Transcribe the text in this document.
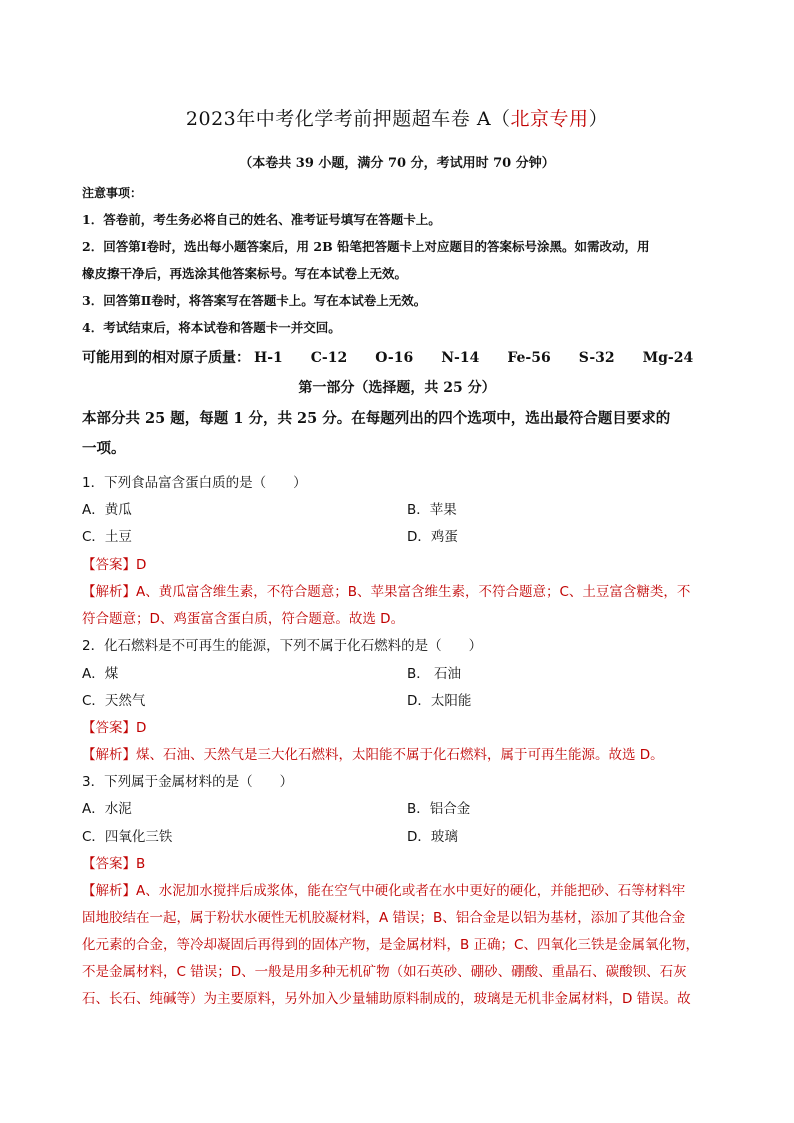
2023年中考化学考前押题超车卷 A（北京专用）
（本卷共 39 小题，满分 70 分，考试用时 70 分钟）
注意事项：
1．答卷前，考生务必将自己的姓名、准考证号填写在答题卡上。
2．回答第Ⅰ卷时，选出每小题答案后，用 2B 铅笔把答题卡上对应题目的答案标号涂黑。如需改动，用
橡皮擦干净后，再选涂其他答案标号。写在本试卷上无效。
3．回答第Ⅱ卷时，将答案写在答题卡上。写在本试卷上无效。
4．考试结束后，将本试卷和答题卡一并交回。
可能用到的相对原子质量： H-1 C-12 O-16 N-14 Fe-56 S-32 Mg-24
第一部分（选择题，共 25 分）
本部分共 25 题，每题 1 分，共 25 分。在每题列出的四个选项中，选出最符合题目要求的
一项。
1．下列食品富含蛋白质的是（　　）
A．黄瓜	B．苹果
C．土豆	D．鸡蛋
【答案】D
【解析】A、黄瓜富含维生素，不符合题意；B、苹果富含维生素，不符合题意；C、土豆富含糖类，不
符合题意；D、鸡蛋富含蛋白质，符合题意。故选 D。
2．化石燃料是不可再生的能源，下列不属于化石燃料的是（　　）
A．煤	B． 石油
C．天然气	D．太阳能
【答案】D
【解析】煤、石油、天然气是三大化石燃料，太阳能不属于化石燃料，属于可再生能源。故选 D。
3．下列属于金属材料的是（　　）
A．水泥	B．铝合金
C．四氧化三铁	D．玻璃
【答案】B
【解析】A、水泥加水搅拌后成浆体，能在空气中硬化或者在水中更好的硬化，并能把砂、石等材料牢
固地胶结在一起，属于粉状水硬性无机胶凝材料，A 错误；B、铝合金是以铝为基材，添加了其他合金
化元素的合金，等冷却凝固后再得到的固体产物，是金属材料，B 正确；C、四氧化三铁是金属氧化物，
不是金属材料，C 错误；D、一般是用多种无机矿物（如石英砂、硼砂、硼酸、重晶石、碳酸钡、石灰
石、长石、纯碱等）为主要原料，另外加入少量辅助原料制成的，玻璃是无机非金属材料，D 错误。故
